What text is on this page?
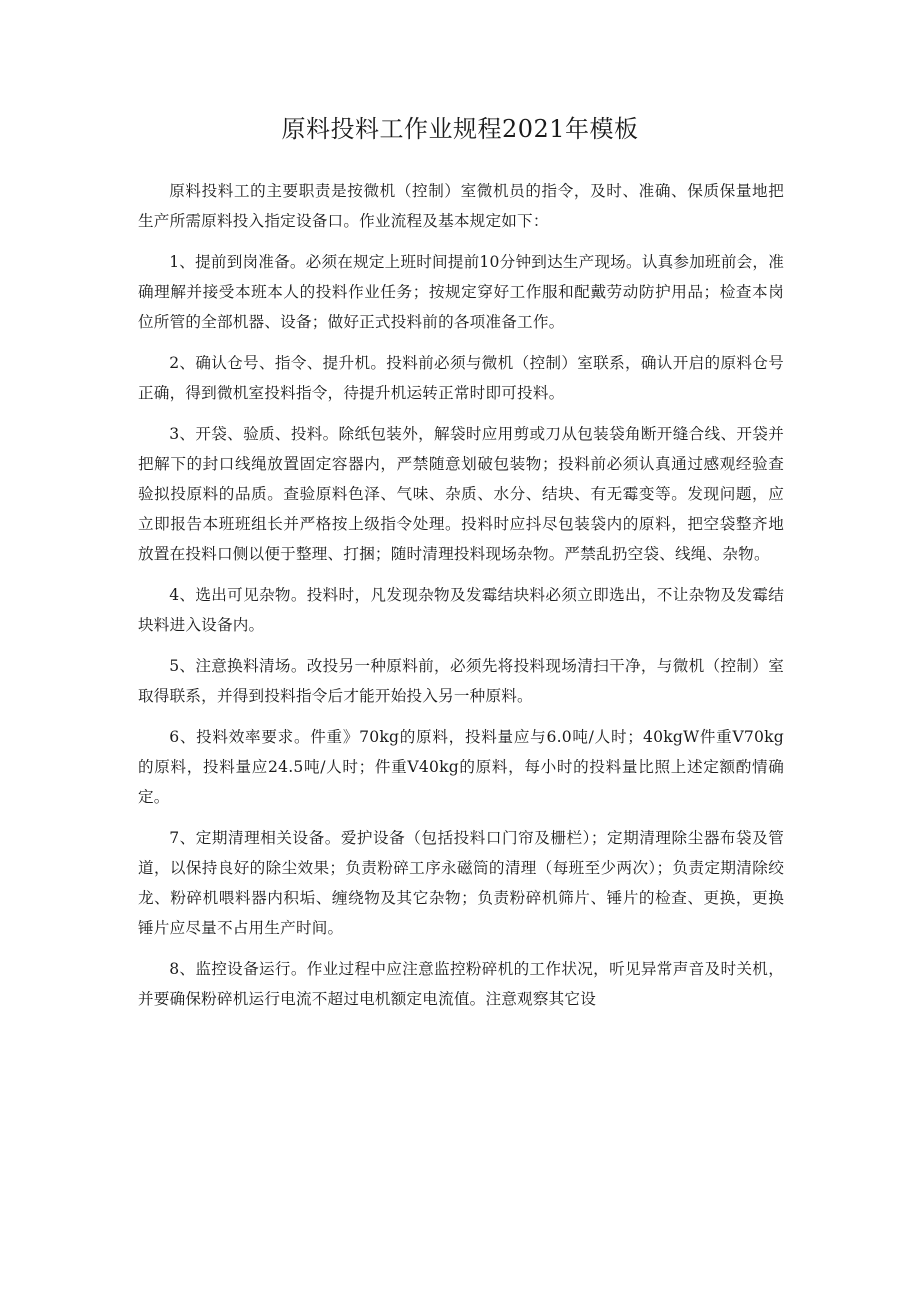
原料投料工作业规程2021年模板

原料投料工的主要职责是按微机（控制）室微机员的指令，及时、准确、保质保量地把生产所需原料投入指定设备口。作业流程及基本规定如下：

1、提前到岗准备。必须在规定上班时间提前10分钟到达生产现场。认真参加班前会，准确理解并接受本班本人的投料作业任务；按规定穿好工作服和配戴劳动防护用品；检查本岗位所管的全部机器、设备；做好正式投料前的各项准备工作。

2、确认仓号、指令、提升机。投料前必须与微机（控制）室联系，确认开启的原料仓号正确，得到微机室投料指令，待提升机运转正常时即可投料。

3、开袋、验质、投料。除纸包装外，解袋时应用剪或刀从包装袋角断开缝合线、开袋并把解下的封口线绳放置固定容器内，严禁随意划破包装物；投料前必须认真通过感观经验查验拟投原料的品质。查验原料色泽、气味、杂质、水分、结块、有无霉变等。发现问题，应立即报告本班班组长并严格按上级指令处理。投料时应抖尽包装袋内的原料，把空袋整齐地放置在投料口侧以便于整理、打捆；随时清理投料现场杂物。严禁乱扔空袋、线绳、杂物。

4、选出可见杂物。投料时，凡发现杂物及发霉结块料必须立即选出，不让杂物及发霉结块料进入设备内。

5、注意换料清场。改投另一种原料前，必须先将投料现场清扫干净，与微机（控制）室取得联系，并得到投料指令后才能开始投入另一种原料。

6、投料效率要求。件重》70kg的原料，投料量应与6.0吨/人时；40kgW件重V70kg的原料，投料量应24.5吨/人时；件重V40kg的原料，每小时的投料量比照上述定额酌情确定。

7、定期清理相关设备。爱护设备（包括投料口门帘及栅栏）；定期清理除尘器布袋及管道，以保持良好的除尘效果；负责粉碎工序永磁筒的清理（每班至少两次）；负责定期清除绞龙、粉碎机喂料器内积垢、缠绕物及其它杂物；负责粉碎机筛片、锤片的检查、更换，更换锤片应尽量不占用生产时间。

8、监控设备运行。作业过程中应注意监控粉碎机的工作状况，听见异常声音及时关机，并要确保粉碎机运行电流不超过电机额定电流值。注意观察其它设
